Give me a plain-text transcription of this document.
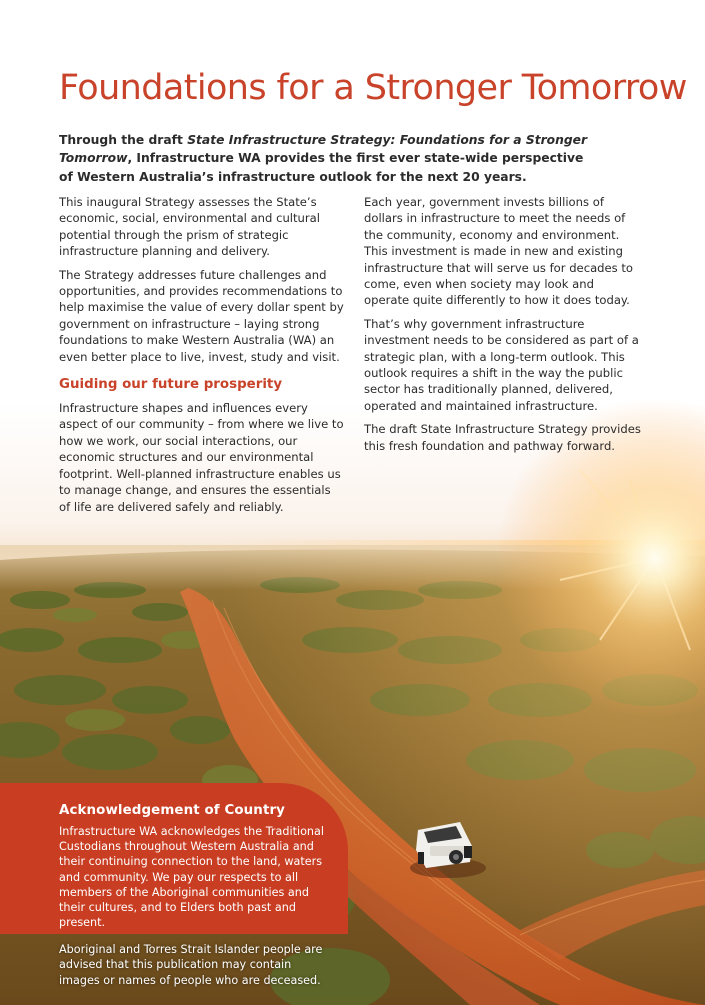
Foundations for a Stronger Tomorrow

Through the draft State Infrastructure Strategy: Foundations for a Stronger Tomorrow, Infrastructure WA provides the first ever state-wide perspective of Western Australia’s infrastructure outlook for the next 20 years.

This inaugural Strategy assesses the State’s economic, social, environmental and cultural potential through the prism of strategic infrastructure planning and delivery.

The Strategy addresses future challenges and opportunities, and provides recommendations to help maximise the value of every dollar spent by government on infrastructure – laying strong foundations to make Western Australia (WA) an even better place to live, invest, study and visit.

Guiding our future prosperity

Infrastructure shapes and influences every aspect of our community – from where we live to how we work, our social interactions, our economic structures and our environmental footprint. Well-planned infrastructure enables us to manage change, and ensures the essentials of life are delivered safely and reliably.

Each year, government invests billions of dollars in infrastructure to meet the needs of the community, economy and environment. This investment is made in new and existing infrastructure that will serve us for decades to come, even when society may look and operate quite differently to how it does today.

That’s why government infrastructure investment needs to be considered as part of a strategic plan, with a long-term outlook. This outlook requires a shift in the way the public sector has traditionally planned, delivered, operated and maintained infrastructure.

The draft State Infrastructure Strategy provides this fresh foundation and pathway forward.

Acknowledgement of Country

Infrastructure WA acknowledges the Traditional Custodians throughout Western Australia and their continuing connection to the land, waters and community. We pay our respects to all members of the Aboriginal communities and their cultures, and to Elders both past and present.

Aboriginal and Torres Strait Islander people are advised that this publication may contain images or names of people who are deceased.
